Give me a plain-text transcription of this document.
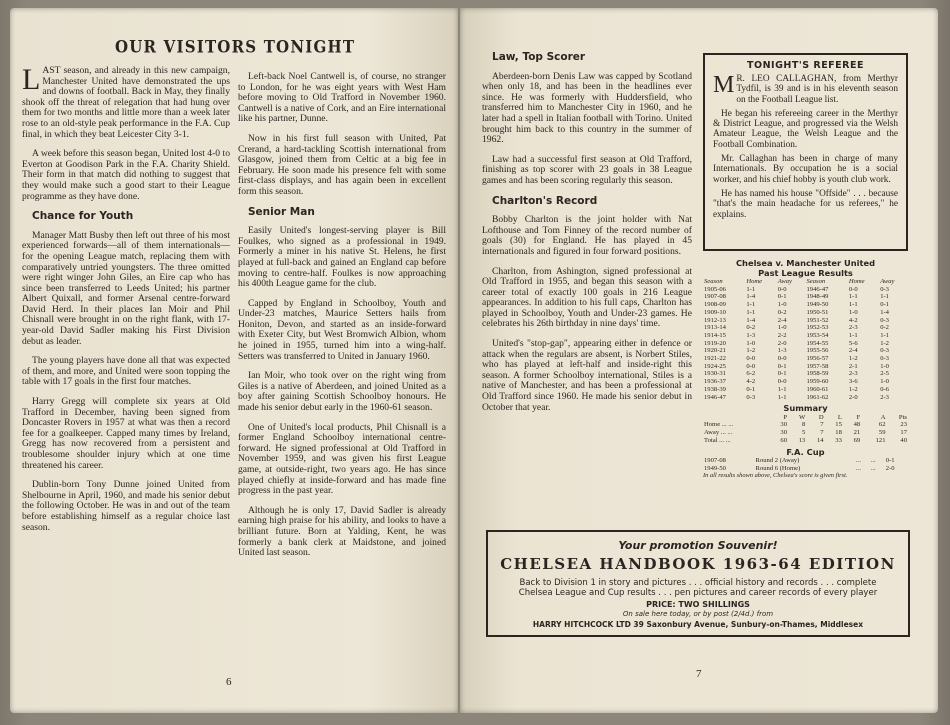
OUR VISITORS TONIGHT

LAST season, and already in this new campaign, Manchester United have demonstrated the ups and downs of football. Back in May, they finally shook off the threat of relegation that had hung over them for two months and little more than a week later rose to an old-style peak performance in the F.A. Cup final, in which they beat Leicester City 3-1.

A week before this season began, United lost 4-0 to Everton at Goodison Park in the F.A. Charity Shield. Their form in that match did nothing to suggest that they would make such a good start to their League programme as they have done.

Chance for Youth

Manager Matt Busby then left out three of his most experienced forwards—all of them internationals—for the opening League match, replacing them with comparatively untried youngsters. The three omitted were right winger John Giles, an Eire cap who has since been transferred to Leeds United; his partner Albert Quixall, and former Arsenal centre-forward David Herd. In their places Ian Moir and Phil Chisnall were brought in on the right flank, with 17-year-old David Sadler making his First Division debut as leader.

The young players have done all that was expected of them, and more, and United were soon topping the table with 17 goals in the first four matches.

Harry Gregg will complete six years at Old Trafford in December, having been signed from Doncaster Rovers in 1957 at what was then a record fee for a goalkeeper. Capped many times by Ireland, Gregg has now recovered from a persistent and troublesome shoulder injury which at one time threatened his career.

Dublin-born Tony Dunne joined United from Shelbourne in April, 1960, and made his senior debut the following October. He was in and out of the team before establishing himself as a regular choice last season.

Left-back Noel Cantwell is, of course, no stranger to London, for he was eight years with West Ham before moving to Old Trafford in November 1960. Cantwell is a native of Cork, and an Eire international like his partner, Dunne.

Now in his first full season with United, Pat Crerand, a hard-tackling Scottish international from Glasgow, joined them from Celtic at a big fee in February. He soon made his presence felt with some first-class displays, and has again been in excellent form this season.

Senior Man

Easily United's longest-serving player is Bill Foulkes, who signed as a professional in 1949. Formerly a miner in his native St. Helens, he first played at full-back and gained an England cap before moving to centre-half. Foulkes is now approaching his 400th League game for the club.

Capped by England in Schoolboy, Youth and Under-23 matches, Maurice Setters hails from Honiton, Devon, and started as an inside-forward with Exeter City, but West Bromwich Albion, whom he joined in 1955, turned him into a wing-half. Setters was transferred to United in January 1960.

Ian Moir, who took over on the right wing from Giles is a native of Aberdeen, and joined United as a boy after gaining Scottish Schoolboy honours. He made his senior debut early in the 1960-61 season.

One of United's local products, Phil Chisnall is a former England Schoolboy international centre-forward. He signed professional at Old Trafford in November 1959, and was given his first League game, at outside-right, two years ago. He has since played chiefly at inside-forward and has made fine progress in the past year.

Although he is only 17, David Sadler is already earning high praise for his ability, and looks to have a brilliant future. Born at Yalding, Kent, he was formerly a bank clerk at Maidstone, and joined United last season.

6

Law, Top Scorer

Aberdeen-born Denis Law was capped by Scotland when only 18, and has been in the headlines ever since. He was formerly with Huddersfield, who transferred him to Manchester City in 1960, and he later had a spell in Italian football with Torino. United brought him back to this country in the summer of 1962.

Law had a successful first season at Old Trafford, finishing as top scorer with 23 goals in 38 League games and has been scoring regularly this season.

Charlton's Record

Bobby Charlton is the joint holder with Nat Lofthouse and Tom Finney of the record number of goals (30) for England. He has played in 45 internationals and figured in four forward positions.

Charlton, from Ashington, signed professional at Old Trafford in 1955, and began this season with a career total of exactly 100 goals in 216 League appearances. In addition to his full caps, Charlton has played in Schoolboy, Youth and Under-23 games. He celebrates his 26th birthday in nine days' time.

United's "stop-gap", appearing either in defence or attack when the regulars are absent, is Norbert Stiles, who has played at left-half and inside-right this season. A former Schoolboy international, Stiles is a native of Manchester, and has been a professional at Old Trafford since 1960. He made his senior debut in October that year.

TONIGHT'S REFEREE

M R. LEO CALLAGHAN, from Merthyr Tydfil, is 39 and is in his eleventh season on the Football League list.

He began his refereeing career in the Merthyr & District League, and progressed via the Welsh Amateur League, the Welsh League and the Football Combination.

Mr. Callaghan has been in charge of many Internationals. By occupation he is a social worker, and his chief hobby is youth club work.

He has named his house "Offside" . . . because "that's the main headache for us referees," he explains.

Chelsea v. Manchester United
Past League Results
Season	Home	Away	Season	Home	Away
1905-06	1-1	0-0	1946-47	0-0	0-3
1907-08	1-4	0-1	1948-49	1-1	1-1
1908-09	1-1	1-0	1949-50	1-1	0-1
1909-10	1-1	0-2	1950-51	1-0	1-4
1912-13	1-4	2-4	1951-52	4-2	0-3
1913-14	0-2	1-0	1952-53	2-3	0-2
1914-15	1-3	2-2	1953-54	1-1	1-1
1919-20	1-0	2-0	1954-55	5-6	1-2
1920-21	1-2	1-3	1955-56	2-4	0-3
1921-22	0-0	0-0	1956-57	1-2	0-3
1924-25	0-0	0-1	1957-58	2-1	1-0
1930-31	6-2	0-1	1958-59	2-3	2-5
1936-37	4-2	0-0	1959-60	3-6	1-0
1938-39	0-1	1-1	1960-61	1-2	0-6
1946-47	0-3	1-1	1961-62	2-0	2-3
Summary
	P	W	D	L	F	A	Pts
Home ... ...	30	8	7	15	48	62	23
Away ... ...	30	5	7	18	21	59	17
Total ... ...	60	13	14	33	69	121	40
F.A. Cup
1907-08	Round 2 (Away)	...	...	0-1
1949-50	Round 6 (Home)	...	...	2-0
In all results shown above, Chelsea's score is given first.
Your promotion Souvenir!
CHELSEA HANDBOOK 1963-64 EDITION
Back to Division 1 in story and pictures . . . official history and records . . . complete Chelsea League and Cup results . . . pen pictures and career records of every player
PRICE: TWO SHILLINGS
On sale here today, or by post (2/4d.) from
HARRY HITCHCOCK LTD 39 Saxonbury Avenue, Sunbury-on-Thames, Middlesex
7
